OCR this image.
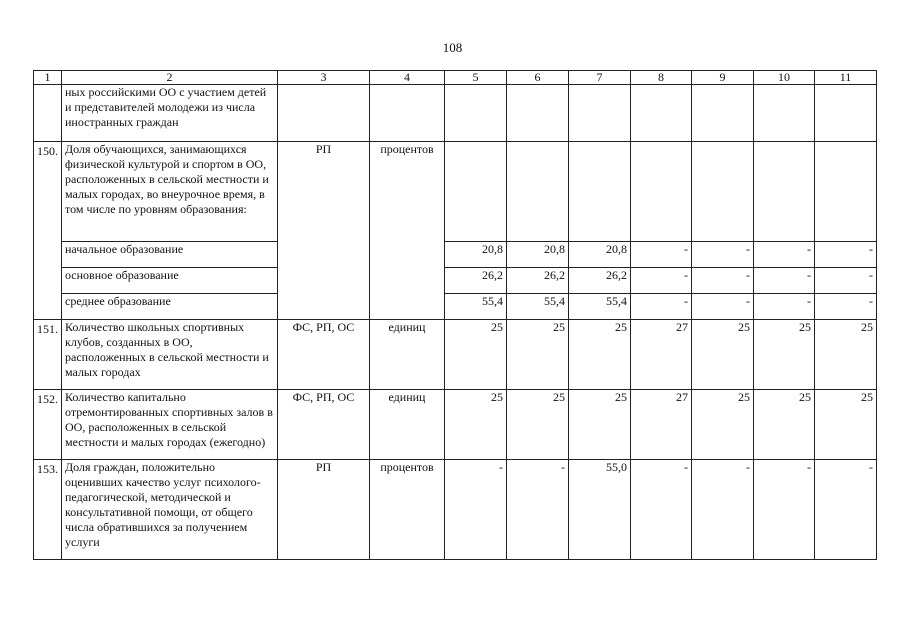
108
1	2	3	4	5	6	7	8	9	10	11
	ных российскими ОО с участием детей и представителей молодежи из числа иностранных граждан									
150.	Доля обучающихся, занимающихся физической культурой и спортом в ОО, расположенных в сельской местности и малых городах, во внеурочное время, в том числе по уровням образования:	РП	процентов							
	начальное образование			20,8	20,8	20,8	-	-	-	-
	основное образование			26,2	26,2	26,2	-	-	-	-
	среднее образование			55,4	55,4	55,4	-	-	-	-
151.	Количество школьных спортивных клубов, созданных в ОО, расположенных в сельской местности и малых городах	ФС, РП, ОС	единиц	25	25	25	27	25	25	25
152.	Количество капитально отремонтированных спортивных залов в ОО, расположенных в сельской местности и малых городах (ежегодно)	ФС, РП, ОС	единиц	25	25	25	27	25	25	25
153.	Доля граждан, положительно оценивших качество услуг психолого-педагогической, методической и консультативной помощи, от общего числа обратившихся за получением услуги	РП	процентов	-	-	55,0	-	-	-	-
